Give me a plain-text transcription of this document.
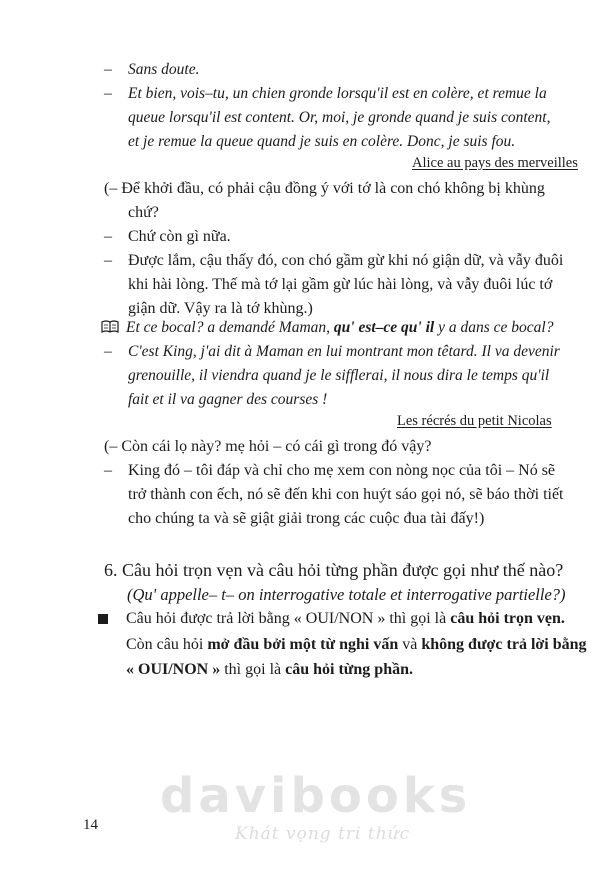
– Sans doute.
– Et bien, vois–tu, un chien gronde lorsqu'il est en colère, et remue la
queue lorsqu'il est content. Or, moi, je gronde quand je suis content,
et je remue la queue quand je suis en colère. Donc, je suis fou.
Alice au pays des merveilles
(– Để khởi đầu, có phải cậu đồng ý với tớ là con chó không bị khùng
chứ?
– Chứ còn gì nữa.
– Được lắm, cậu thấy đó, con chó gầm gừ khi nó giận dữ, và vẫy đuôi
khi hài lòng. Thế mà tớ lại gầm gừ lúc hài lòng, và vẫy đuôi lúc tớ
giận dữ. Vậy ra là tớ khùng.)
Et ce bocal? a demandé Maman, qu' est–ce qu' il y a dans ce bocal?
– C'est King, j'ai dit à Maman en lui montrant mon têtard. Il va devenir
grenouille, il viendra quand je le sifflerai, il nous dira le temps qu'il
fait et il va gagner des courses !
Les récrés du petit Nicolas
(– Còn cái lọ này? mẹ hỏi – có cái gì trong đó vậy?
– King đó – tôi đáp và chỉ cho mẹ xem con nòng nọc của tôi – Nó sẽ
trở thành con ếch, nó sẽ đến khi con huýt sáo gọi nó, sẽ báo thời tiết
cho chúng ta và sẽ giật giải trong các cuộc đua tài đấy!)
6. Câu hỏi trọn vẹn và câu hỏi từng phần được gọi như thế nào?
(Qu' appelle– t– on interrogative totale et interrogative partielle?)
Câu hỏi được trả lời bằng « OUI/NON » thì gọi là câu hỏi trọn vẹn.
Còn câu hỏi mở đầu bởi một từ nghi vấn và không được trả lời bằng
« OUI/NON » thì gọi là câu hỏi từng phần.
davibooks
Khát vọng tri thức
14
